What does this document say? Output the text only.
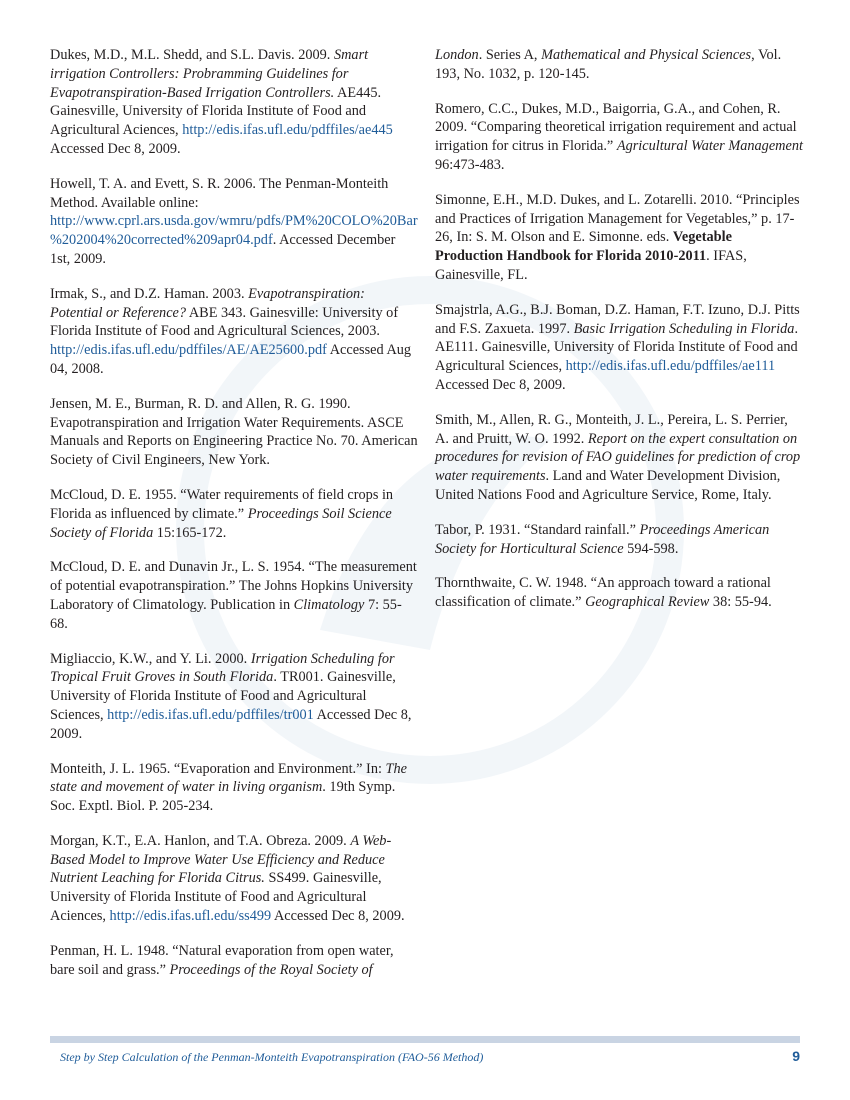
Dukes, M.D., M.L. Shedd, and S.L. Davis. 2009. Smart irrigation Controllers: Probramming Guidelines for Evapotranspiration-Based Irrigation Controllers. AE445. Gainesville, University of Florida Institute of Food and Agricultural Aciences, http://edis.ifas.ufl.edu/pdffiles/ae445 Accessed Dec 8, 2009.

Howell, T. A. and Evett, S. R. 2006. The Penman-Monteith Method. Available online: http://www.cprl.ars.usda.gov/wmru/pdfs/PM%20COLO%20Bar%202004%20corrected%209apr04.pdf. Accessed December 1st, 2009.

Irmak, S., and D.Z. Haman. 2003. Evapotranspiration: Potential or Reference? ABE 343. Gainesville: University of Florida Institute of Food and Agricultural Sciences, 2003. http://edis.ifas.ufl.edu/pdffiles/AE/AE25600.pdf Accessed Aug 04, 2008.

Jensen, M. E., Burman, R. D. and Allen, R. G. 1990. Evapotranspiration and Irrigation Water Requirements. ASCE Manuals and Reports on Engineering Practice No. 70. American Society of Civil Engineers, New York.

McCloud, D. E. 1955. “Water requirements of field crops in Florida as influenced by climate.” Proceedings Soil Science Society of Florida 15:165-172.

McCloud, D. E. and Dunavin Jr., L. S. 1954. “The measurement of potential evapotranspiration.” The Johns Hopkins University Laboratory of Climatology. Publication in Climatology 7: 55-68.

Migliaccio, K.W., and Y. Li. 2000. Irrigation Scheduling for Tropical Fruit Groves in South Florida. TR001. Gainesville, University of Florida Institute of Food and Agricultural Sciences, http://edis.ifas.ufl.edu/pdffiles/tr001 Accessed Dec 8, 2009.

Monteith, J. L. 1965. “Evaporation and Environment.” In: The state and movement of water in living organism. 19th Symp. Soc. Exptl. Biol. P. 205-234.

Morgan, K.T., E.A. Hanlon, and T.A. Obreza. 2009. A Web-Based Model to Improve Water Use Efficiency and Reduce Nutrient Leaching for Florida Citrus. SS499. Gainesville, University of Florida Institute of Food and Agricultural Aciences, http://edis.ifas.ufl.edu/ss499 Accessed Dec 8, 2009.

Penman, H. L. 1948. “Natural evaporation from open water, bare soil and grass.” Proceedings of the Royal Society of

London. Series A, Mathematical and Physical Sciences, Vol. 193, No. 1032, p. 120-145.

Romero, C.C., Dukes, M.D., Baigorria, G.A., and Cohen, R. 2009. “Comparing theoretical irrigation requirement and actual irrigation for citrus in Florida.” Agricultural Water Management 96:473-483.

Simonne, E.H., M.D. Dukes, and L. Zotarelli. 2010. “Principles and Practices of Irrigation Management for Vegetables,” p. 17-26, In: S. M. Olson and E. Simonne. eds. Vegetable Production Handbook for Florida 2010-2011. IFAS, Gainesville, FL.

Smajstrla, A.G., B.J. Boman, D.Z. Haman, F.T. Izuno, D.J. Pitts and F.S. Zaxueta. 1997. Basic Irrigation Scheduling in Florida. AE111. Gainesville, University of Florida Institute of Food and Agricultural Sciences, http://edis.ifas.ufl.edu/pdffiles/ae111 Accessed Dec 8, 2009.

Smith, M., Allen, R. G., Monteith, J. L., Pereira, L. S. Perrier, A. and Pruitt, W. O. 1992. Report on the expert consultation on procedures for revision of FAO guidelines for prediction of crop water requirements. Land and Water Development Division, United Nations Food and Agriculture Service, Rome, Italy.

Tabor, P. 1931. “Standard rainfall.” Proceedings American Society for Horticultural Science 594-598.

Thornthwaite, C. W. 1948. “An approach toward a rational classification of climate.” Geographical Review 38: 55-94.

Step by Step Calculation of the Penman-Monteith Evapotranspiration (FAO-56 Method)	9
